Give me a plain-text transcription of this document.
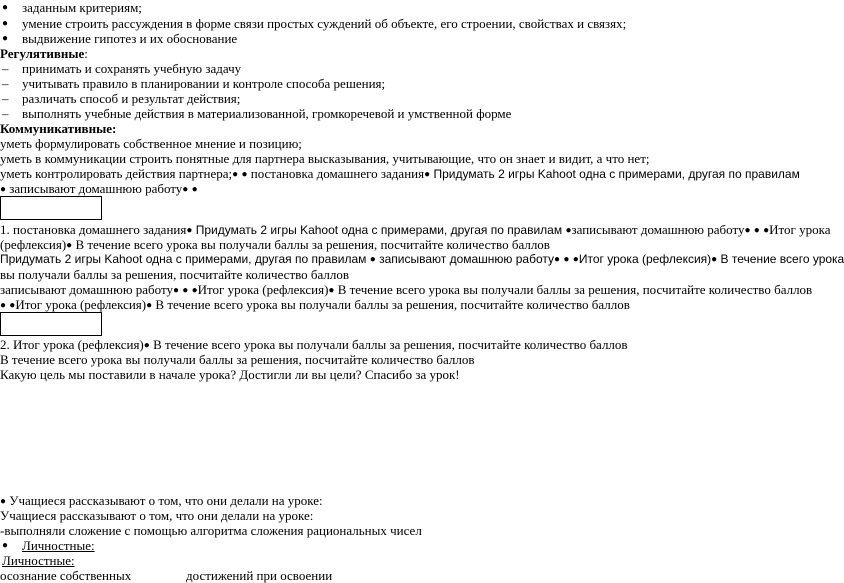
● заданным критериям;
● умение строить рассуждения в форме связи простых суждений об объекте, его строении, свойствах и связях;
● выдвижение гипотез и их обоснование
Регулятивные:
– принимать и сохранять учебную задачу
– учитывать правило в планировании и контроле способа решения;
– различать способ и результат действия;
– выполнять учебные действия в материализованной, громкоречевой и умственной форме
Коммуникативные:
уметь формулировать собственное мнение и позицию;
уметь в коммуникации строить понятные для партнера высказывания, учитывающие, что он знает и видит, а что нет;
уметь контролировать действия партнера;● ● постановка домашнего задания● Придумать 2 игры Kahoot одна с примерами, другая по правилам
● записывают домашнюю работу● ●
1. постановка домашнего задания● Придумать 2 игры Kahoot одна с примерами, другая по правилам ●записывают домашнюю работу● ● ●Итог урока
(рефлексия)● В течение всего урока вы получали баллы за решения, посчитайте количество баллов
Придумать 2 игры Kahoot одна с примерами, другая по правилам ● записывают домашнюю работу● ● ●Итог урока (рефлексия)● В течение всего урока
вы получали баллы за решения, посчитайте количество баллов
записывают домашнюю работу● ● ●Итог урока (рефлексия)● В течение всего урока вы получали баллы за решения, посчитайте количество баллов
● ●Итог урока (рефлексия)● В течение всего урока вы получали баллы за решения, посчитайте количество баллов
2. Итог урока (рефлексия)● В течение всего урока вы получали баллы за решения, посчитайте количество баллов
В течение всего урока вы получали баллы за решения, посчитайте количество баллов
Какую цель мы поставили в начале урока? Достигли ли вы цели? Спасибо за урок!
● Учащиеся рассказывают о том, что они делали на уроке:
Учащиеся рассказывают о том, что они делали на уроке:
-выполняли сложение с помощью алгоритма сложения рациональных чисел
● Личностные:
Личностные:
осознание собственных	достижений при освоении
